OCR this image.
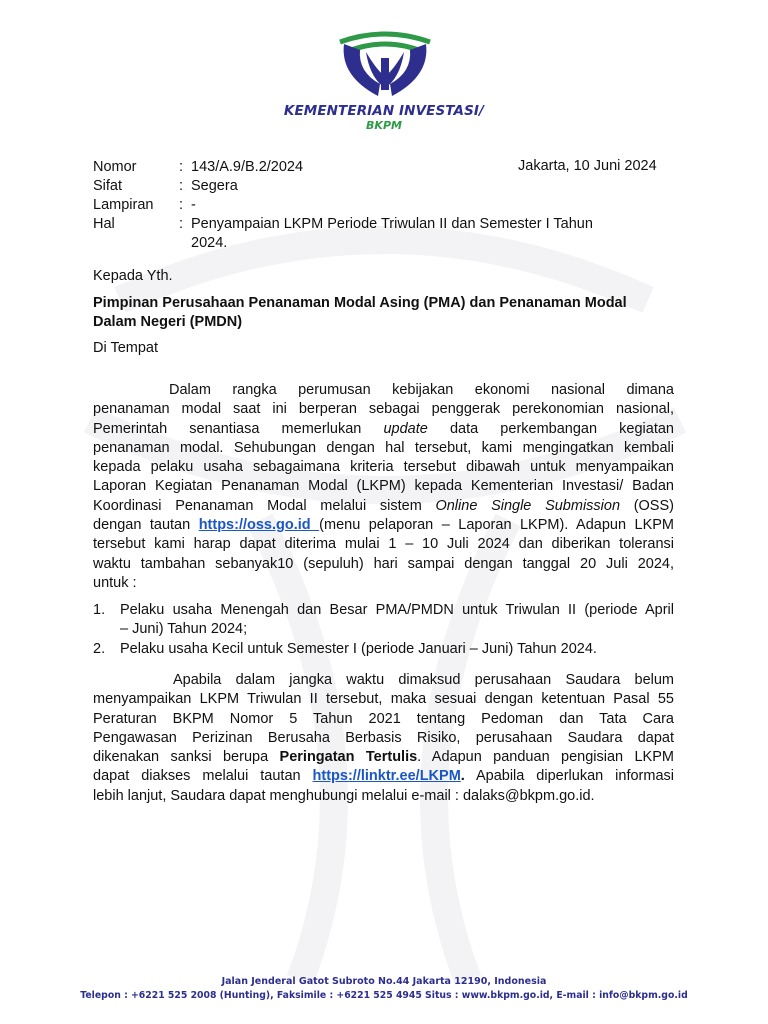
KEMENTERIAN INVESTASI/
BKPM
Nomor	: 143/A.9/B.2/2024
Sifat	: Segera
Lampiran : -
Hal	: Penyampaian LKPM Periode Triwulan II dan Semester I Tahun
2024.
Jakarta, 10 Juni 2024
Kepada Yth.
Pimpinan Perusahaan Penanaman Modal Asing (PMA) dan Penanaman Modal
Dalam Negeri (PMDN)
Di Tempat
Dalam rangka perumusan kebijakan ekonomi nasional dimana
penanaman modal saat ini berperan sebagai penggerak perekonomian nasional,
Pemerintah senantiasa memerlukan update data perkembangan kegiatan
penanaman modal. Sehubungan dengan hal tersebut, kami mengingatkan kembali
kepada pelaku usaha sebagaimana kriteria tersebut dibawah untuk menyampaikan
Laporan Kegiatan Penanaman Modal (LKPM) kepada Kementerian Investasi/ Badan
Koordinasi Penanaman Modal melalui sistem Online Single Submission (OSS)
dengan tautan https://oss.go.id (menu pelaporan – Laporan LKPM). Adapun LKPM
tersebut kami harap dapat diterima mulai 1 – 10 Juli 2024 dan diberikan toleransi
waktu tambahan sebanyak10 (sepuluh) hari sampai dengan tanggal 20 Juli 2024,
untuk :
1. Pelaku usaha Menengah dan Besar PMA/PMDN untuk Triwulan II (periode April
– Juni) Tahun 2024;
2. Pelaku usaha Kecil untuk Semester I (periode Januari – Juni) Tahun 2024.
Apabila dalam jangka waktu dimaksud perusahaan Saudara belum
menyampaikan LKPM Triwulan II tersebut, maka sesuai dengan ketentuan Pasal 55
Peraturan BKPM Nomor 5 Tahun 2021 tentang Pedoman dan Tata Cara
Pengawasan Perizinan Berusaha Berbasis Risiko, perusahaan Saudara dapat
dikenakan sanksi berupa Peringatan Tertulis. Adapun panduan pengisian LKPM
dapat diakses melalui tautan https://linktr.ee/LKPM. Apabila diperlukan informasi
lebih lanjut, Saudara dapat menghubungi melalui e-mail : dalaks@bkpm.go.id.
Jalan Jenderal Gatot Subroto No.44 Jakarta 12190, Indonesia
Telepon : +6221 525 2008 (Hunting), Faksimile : +6221 525 4945 Situs : www.bkpm.go.id, E-mail : info@bkpm.go.id
